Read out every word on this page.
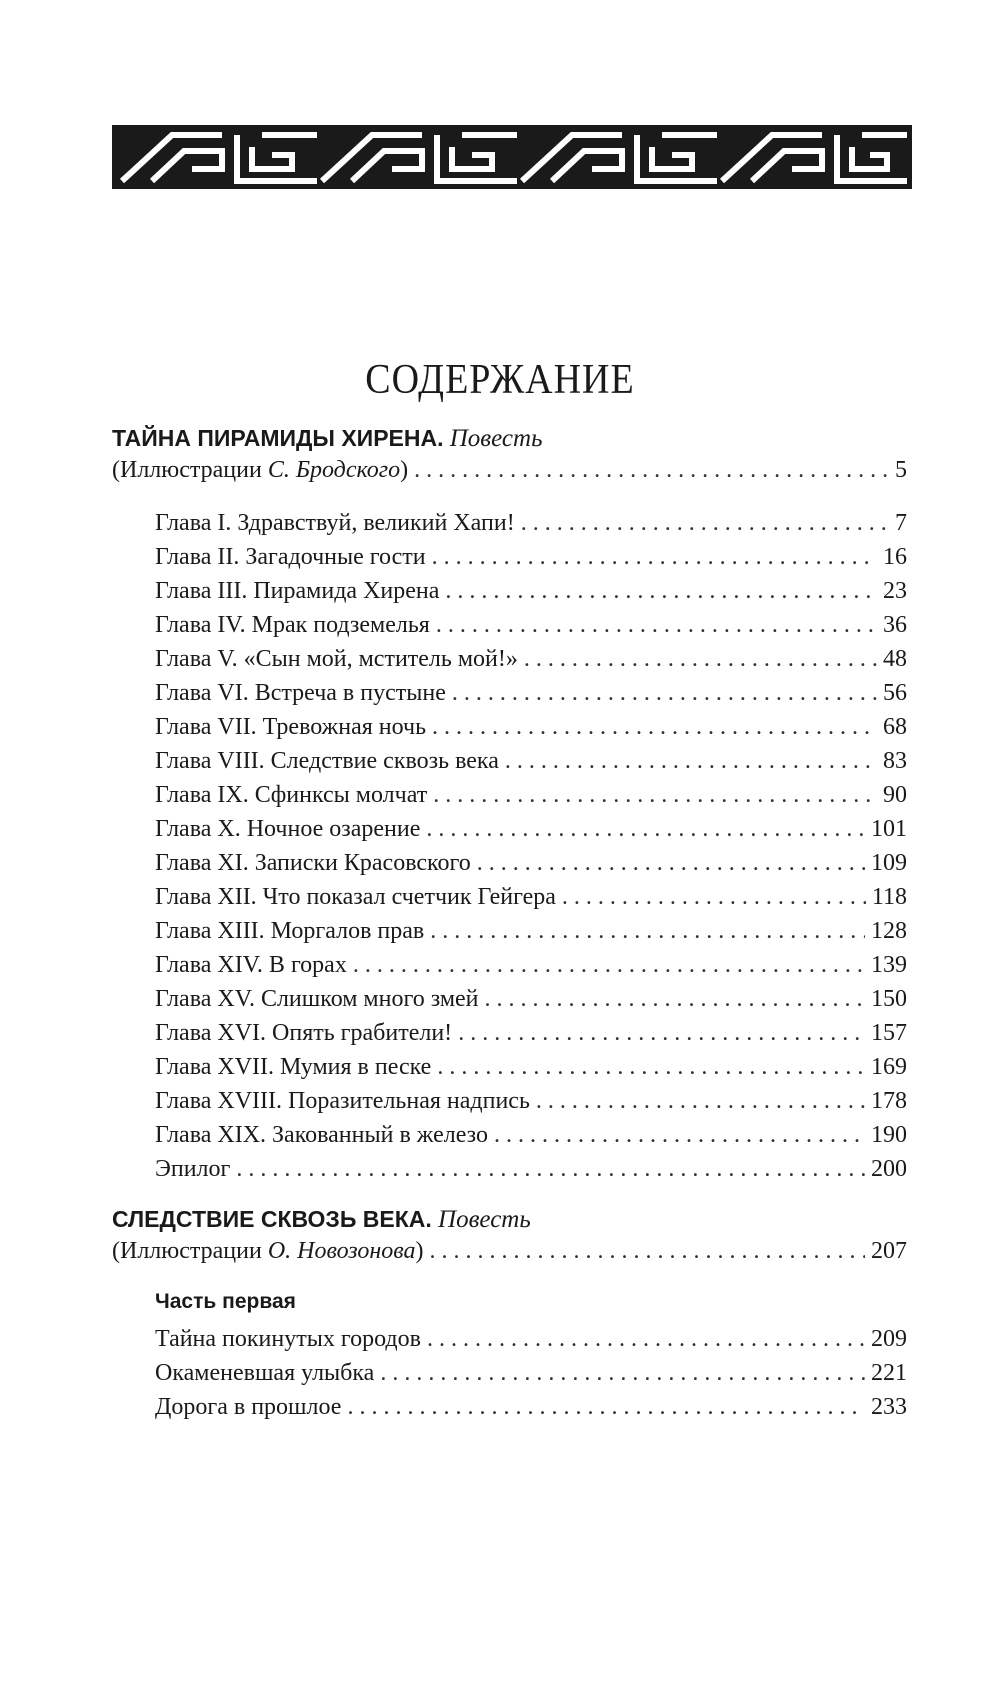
СОДЕРЖАНИЕ
ТАЙНА ПИРАМИДЫ ХИРЕНА. Повесть
(Иллюстрации С. Бродского) . . .	5
Глава I. Здравствуй, великий Хапи! . . .	7
Глава II. Загадочные гости . . .	16
Глава III. Пирамида Хирена . . .	23
Глава IV. Мрак подземелья . . .	36
Глава V. «Сын мой, мститель мой!» . . .	48
Глава VI. Встреча в пустыне . . .	56
Глава VII. Тревожная ночь . . .	68
Глава VIII. Следствие сквозь века . . .	83
Глава IX. Сфинксы молчат . . .	90
Глава X. Ночное озарение . . .	101
Глава XI. Записки Красовского . . .	109
Глава XII. Что показал счетчик Гейгера . . .	118
Глава XIII. Моргалов прав . . .	128
Глава XIV. В горах . . .	139
Глава XV. Слишком много змей . . .	150
Глава XVI. Опять грабители! . . .	157
Глава XVII. Мумия в песке . . .	169
Глава XVIII. Поразительная надпись . . .	178
Глава XIX. Закованный в железо . . .	190
Эпилог . . .	200
СЛЕДСТВИЕ СКВОЗЬ ВЕКА. Повесть
(Иллюстрации О. Новозонова) . . .	207
Часть первая
Тайна покинутых городов . . .	209
Окаменевшая улыбка . . .	221
Дорога в прошлое . . .	233
